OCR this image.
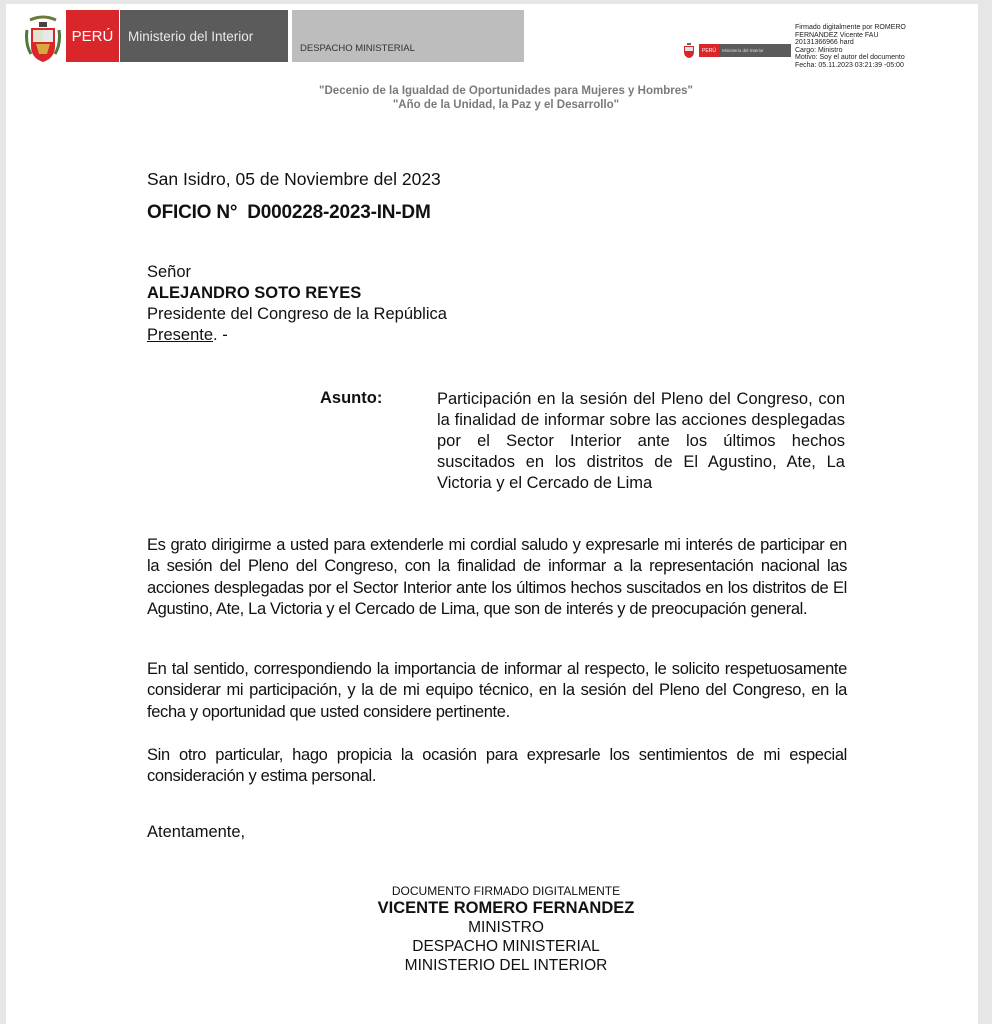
PERÚ Ministerio del Interior
DESPACHO MINISTERIAL	PERÚ Ministerio del Interior
Firmado digitalmente por ROMERO
FERNANDEZ Vicente FAU
20131366966 hard
Cargo: Ministro
Motivo: Soy el autor del documento
Fecha: 05.11.2023 03:21:39 -05:00
"Decenio de la Igualdad de Oportunidades para Mujeres y Hombres"
"Año de la Unidad, la Paz y el Desarrollo"
San Isidro, 05 de Noviembre del 2023
OFICIO N° D000228-2023-IN-DM
Señor
ALEJANDRO SOTO REYES
Presidente del Congreso de la República
Presente. -
Asunto:	Participación en la sesión del Pleno del Congreso, con la finalidad de informar sobre las acciones desplegadas por el Sector Interior ante los últimos hechos suscitados en los distritos de El Agustino, Ate, La Victoria y el Cercado de Lima
Es grato dirigirme a usted para extenderle mi cordial saludo y expresarle mi interés de participar en la sesión del Pleno del Congreso, con la finalidad de informar a la representación nacional las acciones desplegadas por el Sector Interior ante los últimos hechos suscitados en los distritos de El Agustino, Ate, La Victoria y el Cercado de Lima, que son de interés y de preocupación general.
En tal sentido, correspondiendo la importancia de informar al respecto, le solicito respetuosamente considerar mi participación, y la de mi equipo técnico, en la sesión del Pleno del Congreso, en la fecha y oportunidad que usted considere pertinente.
Sin otro particular, hago propicia la ocasión para expresarle los sentimientos de mi especial consideración y estima personal.
Atentamente,
DOCUMENTO FIRMADO DIGITALMENTE
VICENTE ROMERO FERNANDEZ
MINISTRO
DESPACHO MINISTERIAL
MINISTERIO DEL INTERIOR
